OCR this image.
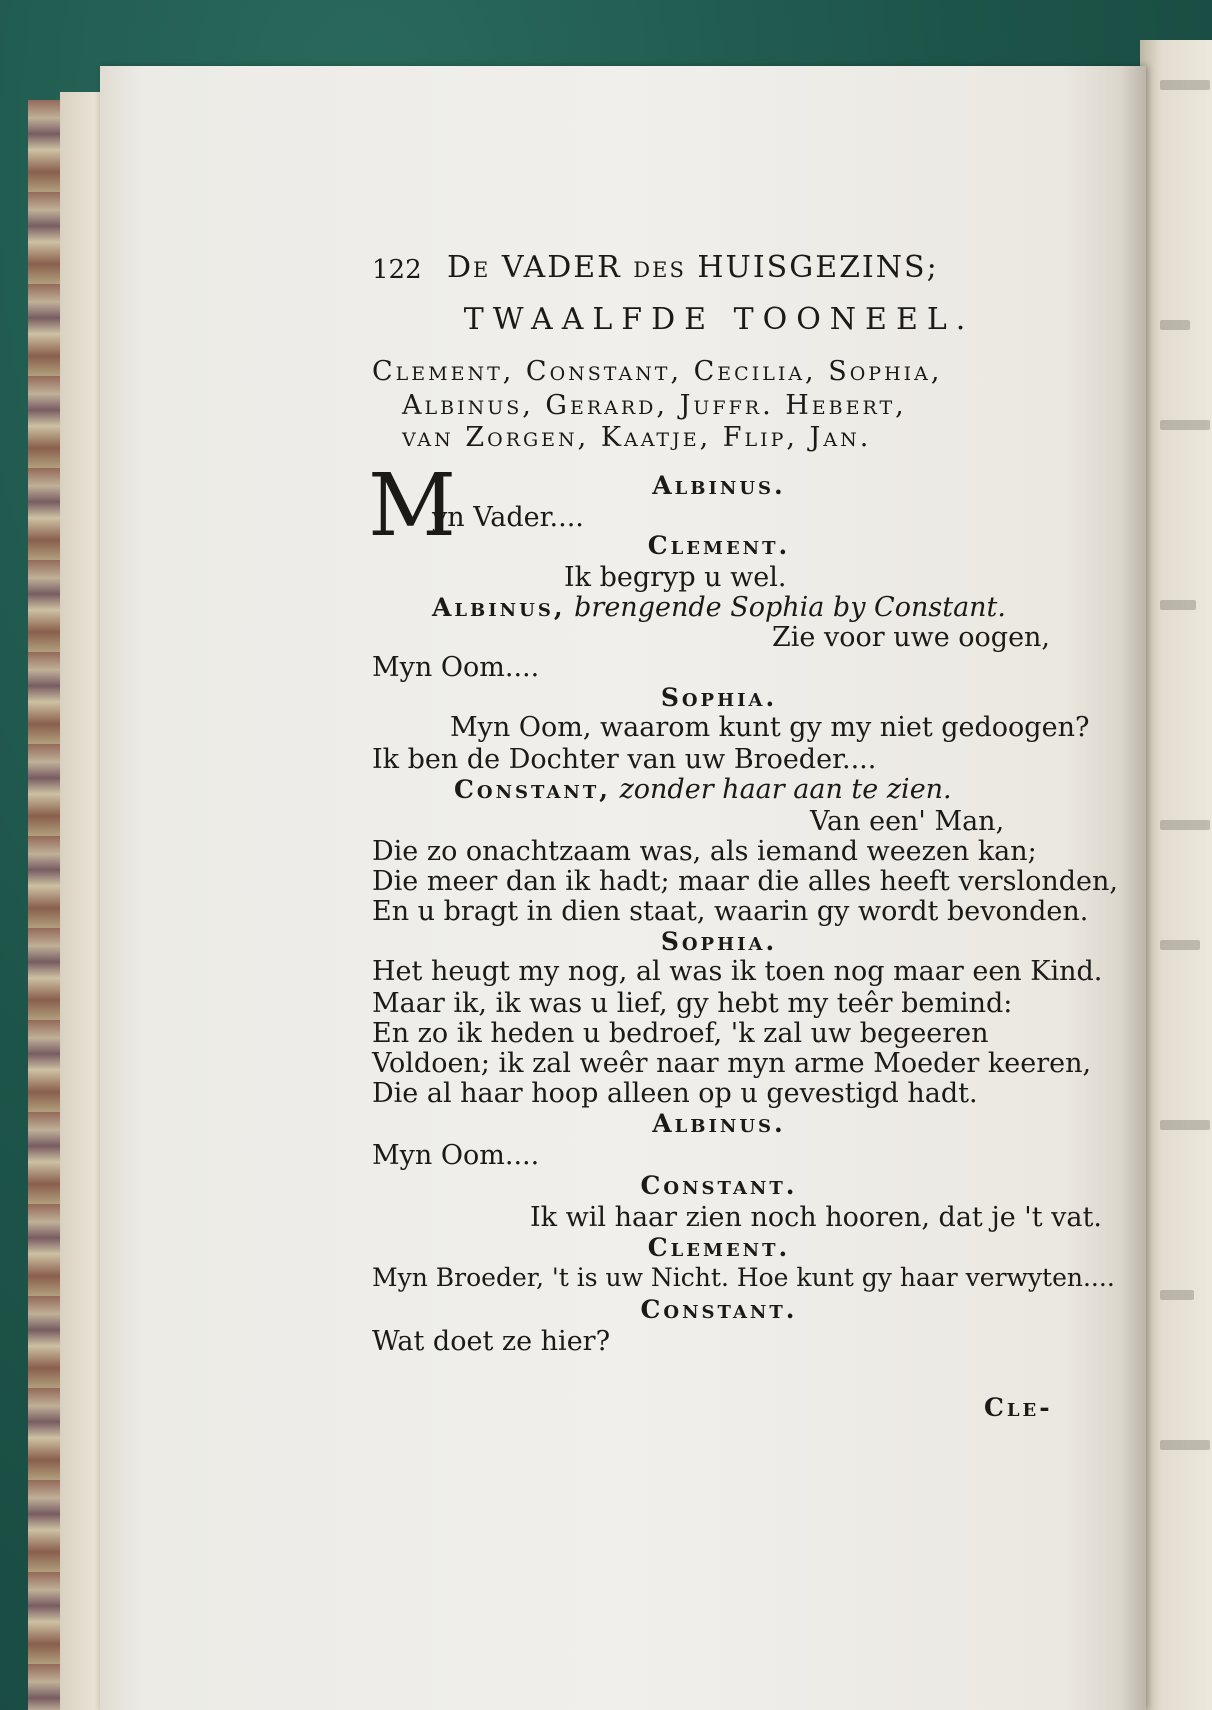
122 De VADER des HUISGEZINS;
TWAALFDE TOONEEL.
Clement, Constant, Cecilia, Sophia,
Albinus, Gerard, Juffr. Hebert,
van Zorgen, Kaatje, Flip, Jan.
Albinus.
M
yn Vader....
Clement.
Ik begryp u wel.
Albinus, brengende Sophia by Constant.
Zie voor uwe oogen,
Myn Oom....
Sophia.
Myn Oom, waarom kunt gy my niet gedoogen?
Ik ben de Dochter van uw Broeder....
Constant, zonder haar aan te zien.
Van een' Man,
Die zo onachtzaam was, als iemand weezen kan;
Die meer dan ik hadt; maar die alles heeft verslonden,
En u bragt in dien staat, waarin gy wordt bevonden.
Sophia.
Het heugt my nog, al was ik toen nog maar een Kind.
Maar ik, ik was u lief, gy hebt my teêr bemind:
En zo ik heden u bedroef, 'k zal uw begeeren
Voldoen; ik zal weêr naar myn arme Moeder keeren,
Die al haar hoop alleen op u gevestigd hadt.
Albinus.
Myn Oom....
Constant.
Ik wil haar zien noch hooren, dat je 't vat.
Clement.
Myn Broeder, 't is uw Nicht. Hoe kunt gy haar verwyten....
Constant.
Wat doet ze hier?
Cle-
